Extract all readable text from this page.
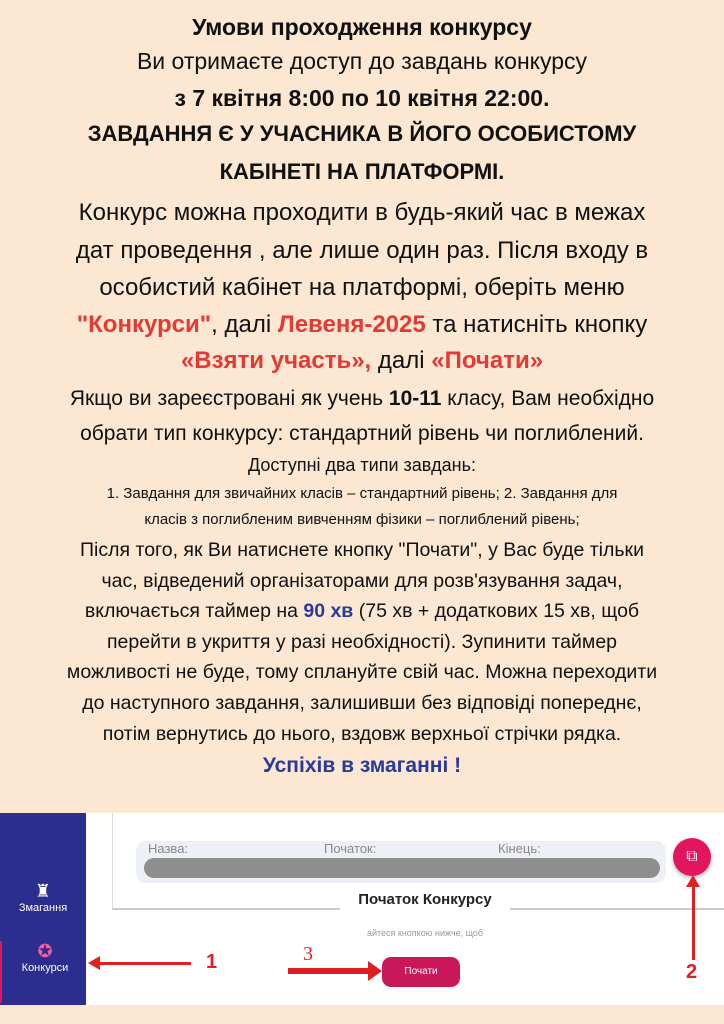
Умови проходження конкурсу
Ви отримаєте доступ до завдань конкурсу
з 7 квітня 8:00 по 10 квітня 22:00.
ЗАВДАННЯ Є У УЧАСНИКА В ЙОГО ОСОБИСТОМУ
КАБІНЕТІ НА ПЛАТФОРМІ.
Конкурс можна проходити в будь-який час в межах
дат проведення , але лише один раз. Після входу в
особистий кабінет на платформі, оберіть меню
"Конкурси", далі Левеня-2025 та натисніть кнопку
«Взяти участь», далі «Почати»
Якщо ви зареєстровані як учень 10-11 класу, Вам необхідно
обрати тип конкурсу: стандартний рівень чи поглиблений.
Доступні два типи завдань:
1. Завдання для звичайних класів – стандартний рівень; 2. Завдання для
класів з поглибленим вивченням фізики – поглиблений рівень;
Після того, як Ви натиснете кнопку "Почати", у Вас буде тільки
час, відведений організаторами для розв'язування задач,
включається таймер на 90 хв (75 хв + додаткових 15 хв, щоб
перейти в укриття у разі необхідності). Зупинити таймер
можливості не буде, тому сплануйте свій час. Можна переходити
до наступного завдання, залишивши без відповіді попереднє,
потім вернутись до нього, вздовж верхньої стрічки рядка.
Успіхів в змаганні !
♜
Змагання
✪
Конкурси
Назва:	Початок:	Кінець:	⧉
Початок Конкурсу
айтеся кнопкою нижче, щоб
Почати
1	2
3
